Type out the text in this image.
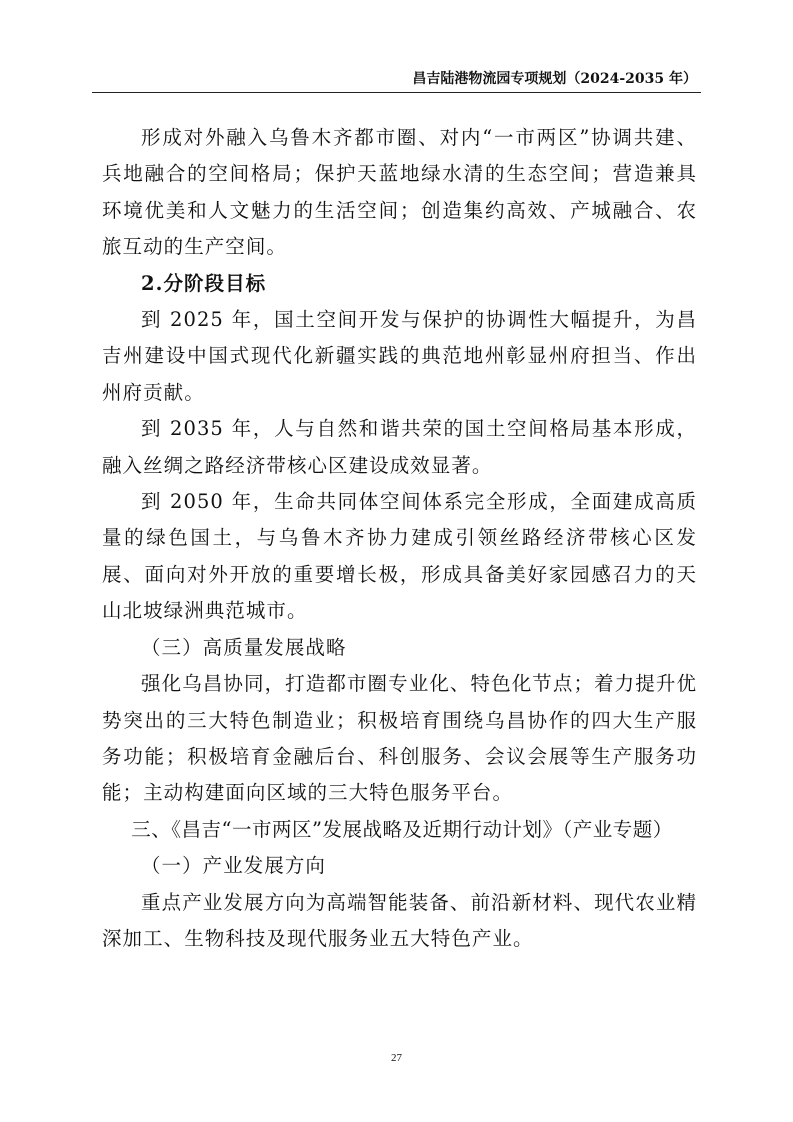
昌吉陆港物流园专项规划（2024-2035 年）

形成对外融入乌鲁木齐都市圈、对内“一市两区”协调共建、兵地融合的空间格局；保护天蓝地绿水清的生态空间；营造兼具环境优美和人文魅力的生活空间；创造集约高效、产城融合、农旅互动的生产空间。

2.分阶段目标

到 2025 年，国土空间开发与保护的协调性大幅提升，为昌吉州建设中国式现代化新疆实践的典范地州彰显州府担当、作出州府贡献。

到 2035 年，人与自然和谐共荣的国土空间格局基本形成，融入丝绸之路经济带核心区建设成效显著。

到 2050 年，生命共同体空间体系完全形成，全面建成高质量的绿色国土，与乌鲁木齐协力建成引领丝路经济带核心区发展、面向对外开放的重要增长极，形成具备美好家园感召力的天山北坡绿洲典范城市。

（三）高质量发展战略

强化乌昌协同，打造都市圈专业化、特色化节点；着力提升优势突出的三大特色制造业；积极培育围绕乌昌协作的四大生产服务功能；积极培育金融后台、科创服务、会议会展等生产服务功能；主动构建面向区域的三大特色服务平台。

三、《昌吉“一市两区”发展战略及近期行动计划》（产业专题）

（一）产业发展方向

重点产业发展方向为高端智能装备、前沿新材料、现代农业精深加工、生物科技及现代服务业五大特色产业。

27
